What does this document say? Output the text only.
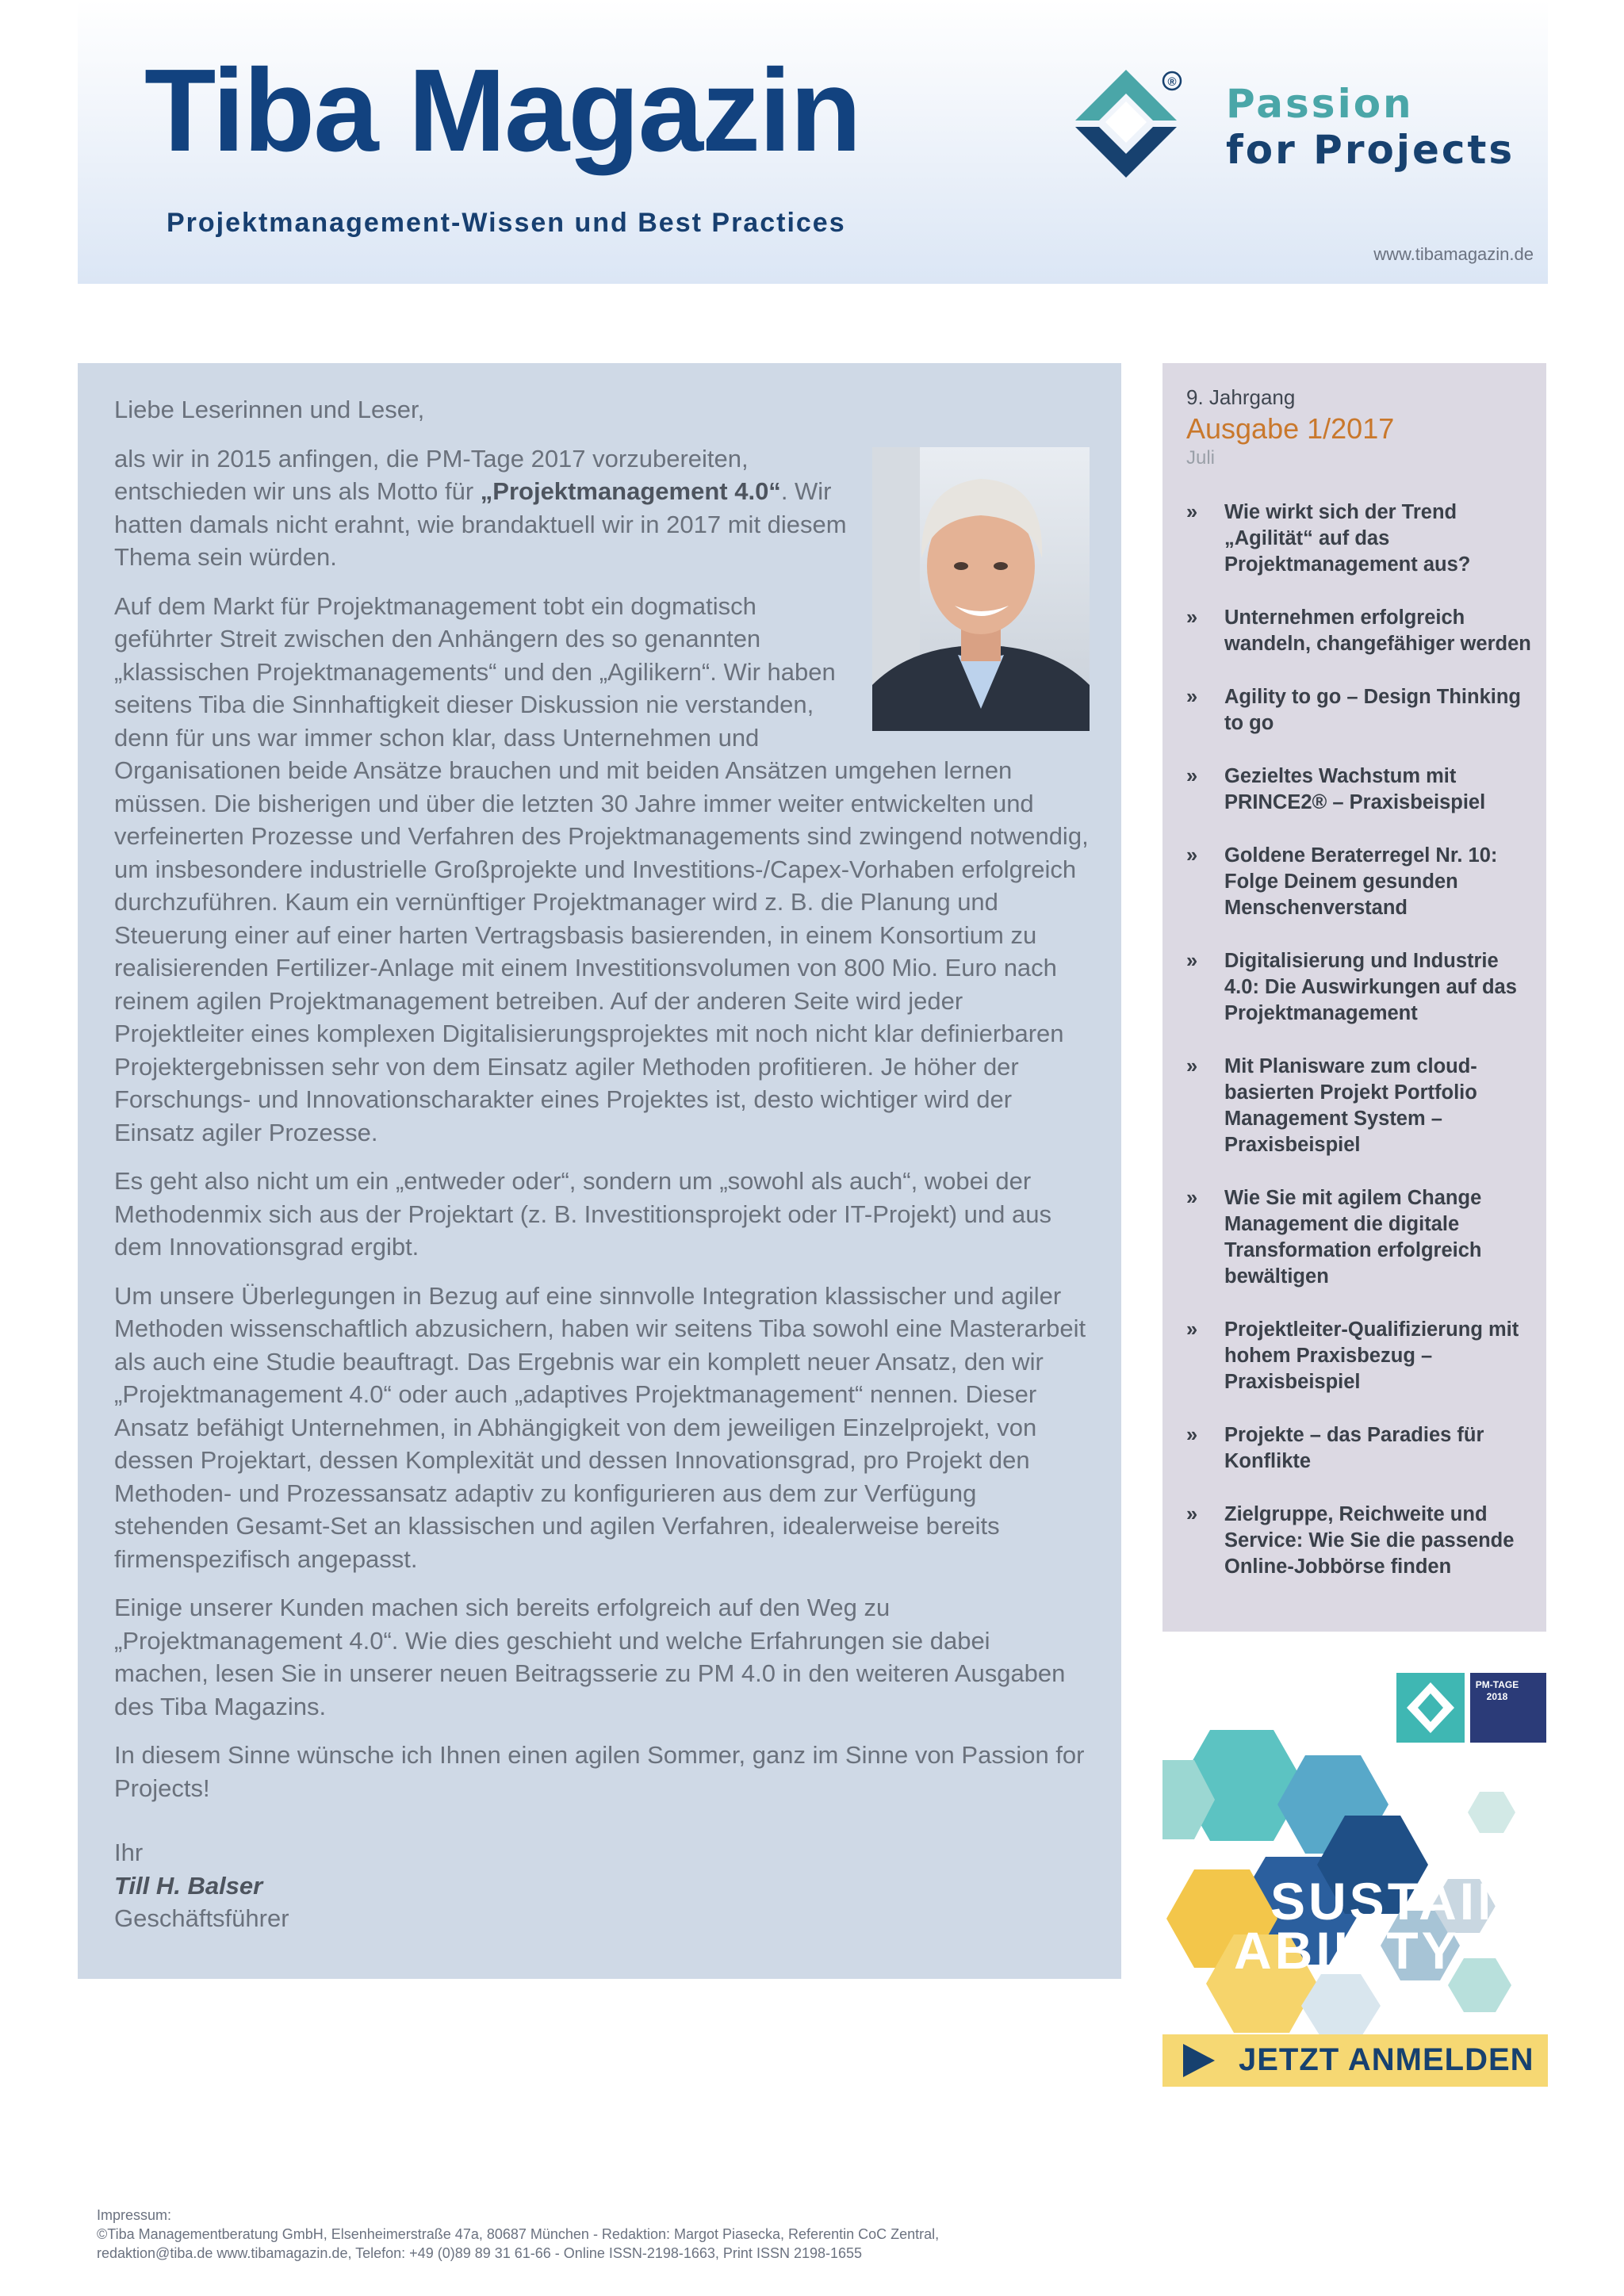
Tiba Magazin
Projektmanagement-Wissen und Best Practices
® Passion
for Projects
www.tibamagazin.de

Liebe Leserinnen und Leser,

als wir in 2015 anfingen, die PM-Tage 2017 vorzubereiten, entschieden wir uns als Motto für „Projektmanagement 4.0“. Wir hatten damals nicht erahnt, wie brandaktuell wir in 2017 mit diesem Thema sein würden.

Auf dem Markt für Projektmanagement tobt ein dogmatisch geführter Streit zwischen den Anhängern des so genannten „klassischen Projektmanagements“ und den „Agilikern“. Wir haben seitens Tiba die Sinnhaftigkeit dieser Diskussion nie verstanden, denn für uns war immer schon klar, dass Unternehmen und Organisationen beide Ansätze brauchen und mit beiden Ansätzen umgehen lernen müssen. Die bisherigen und über die letzten 30 Jahre immer weiter entwickelten und verfeinerten Prozesse und Verfahren des Projektmanagements sind zwingend notwendig, um insbesondere industrielle Großprojekte und Investitions-/Capex-Vorhaben erfolgreich durchzuführen. Kaum ein vernünftiger Projektmanager wird z. B. die Planung und Steuerung einer auf einer harten Vertragsbasis basierenden, in einem Konsortium zu realisierenden Fertilizer-Anlage mit einem Investitionsvolumen von 800 Mio. Euro nach reinem agilen Projektmanagement betreiben. Auf der anderen Seite wird jeder Projektleiter eines komplexen Digitalisierungsprojektes mit noch nicht klar definierbaren Projektergebnissen sehr von dem Einsatz agiler Methoden profitieren. Je höher der Forschungs- und Innovationscharakter eines Projektes ist, desto wichtiger wird der Einsatz agiler Prozesse.

Es geht also nicht um ein „entweder oder“, sondern um „sowohl als auch“, wobei der Methodenmix sich aus der Projektart (z. B. Investitionsprojekt oder IT-Projekt) und aus dem Innovationsgrad ergibt.

Um unsere Überlegungen in Bezug auf eine sinnvolle Integration klassischer und agiler Methoden wissenschaftlich abzusichern, haben wir seitens Tiba sowohl eine Masterarbeit als auch eine Studie beauftragt. Das Ergebnis war ein komplett neuer Ansatz, den wir „Projektmanagement 4.0“ oder auch „adaptives Projektmanagement“ nennen. Dieser Ansatz befähigt Unternehmen, in Abhängigkeit von dem jeweiligen Einzelprojekt, von dessen Projektart, dessen Komplexität und dessen Innovationsgrad, pro Projekt den Methoden- und Prozessansatz adaptiv zu konfigurieren aus dem zur Verfügung stehenden Gesamt-Set an klassischen und agilen Verfahren, idealerweise bereits firmenspezifisch angepasst.

Einige unserer Kunden machen sich bereits erfolgreich auf den Weg zu „Projektmanagement 4.0“. Wie dies geschieht und welche Erfahrungen sie dabei machen, lesen Sie in unserer neuen Beitragsserie zu PM 4.0 in den weiteren Ausgaben des Tiba Magazins.

In diesem Sinne wünsche ich Ihnen einen agilen Sommer, ganz im Sinne von Passion for Projects!

Ihr
Till H. Balser
Geschäftsführer
9. Jahrgang
Ausgabe 1/2017
Juli
» Wie wirkt sich der Trend „Agilität“ auf das Projektmanagement aus?
» Unternehmen erfolgreich wandeln, changefähiger werden
» Agility to go – Design Thinking to go
» Gezieltes Wachstum mit PRINCE2® – Praxisbeispiel
» Goldene Beraterregel Nr. 10: Folge Deinem gesunden Menschenverstand
» Digitalisierung und Industrie 4.0: Die Auswirkungen auf das Projektmanagement
» Mit Planisware zum cloud-basierten Projekt Portfolio Management System – Praxisbeispiel
» Wie Sie mit agilem Change Management die digitale Transformation erfolgreich bewältigen
» Projektleiter-Qualifizierung mit hohem Praxisbezug – Praxisbeispiel
» Projekte – das Paradies für Konflikte
» Zielgruppe, Reichweite und Service: Wie Sie die passende Online-Jobbörse finden
PM-TAGE
2018
SUSTAIN
ABILITY
JETZT ANMELDEN
Impressum:
©Tiba Managementberatung GmbH, Elsenheimerstraße 47a, 80687 München - Redaktion: Margot Piasecka, Referentin CoC Zentral,
redaktion@tiba.de www.tibamagazin.de, Telefon: +49 (0)89 89 31 61-66 - Online ISSN-2198-1663, Print ISSN 2198-1655
